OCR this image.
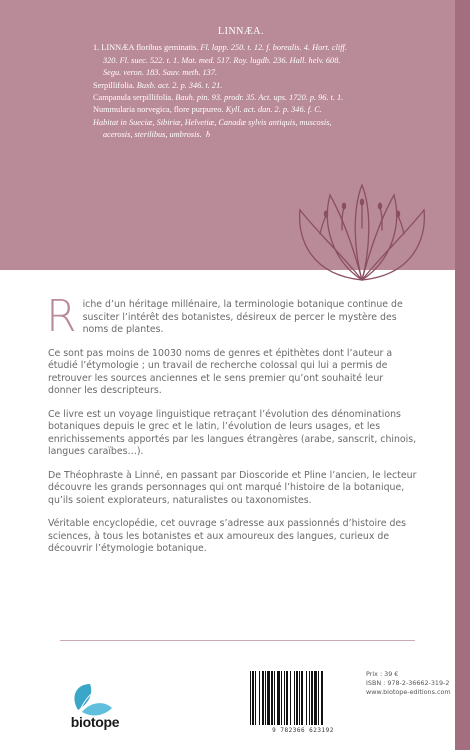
LINNÆA.

1. LINNÆA floribus geminatis. Fl. lapp. 250. t. 12. f. borealis. 4. Hort. cliff. 320. Fl. suec. 522. t. 1. Mat. med. 517. Roy. lugdb. 236. Hall. helv. 608. Segu. veron. 183. Sauv. meth. 137.

Serpillifolia. Buxb. act. 2. p. 346. t. 21.

Campanula serpillifolia. Bauh. pin. 93. prodr. 35. Act. ups. 1720. p. 96. t. 1.

Nummularia norvegica, flore purpureo. Kyll. act. dan. 2. p. 346. f. C.

Habitat in Sueciæ, Sibiriæ, Helvetiæ, Canadæ sylvis antiquis, muscosis, acerosis, sterilibus, umbrosis. ♄

Riche d’un héritage millénaire, la terminologie botanique continue de susciter l’intérêt des botanistes, désireux de percer le mystère des noms de plantes.

Ce sont pas moins de 10030 noms de genres et épithètes dont l’auteur a étudié l’étymologie ; un travail de recherche colossal qui lui a permis de retrouver les sources anciennes et le sens premier qu’ont souhaité leur donner les descripteurs.

Ce livre est un voyage linguistique retraçant l’évolution des dénominations botaniques depuis le grec et le latin, l’évolution de leurs usages, et les enrichissements apportés par les langues étrangères (arabe, sanscrit, chinois, langues caraïbes…).

De Théophraste à Linné, en passant par Dioscoride et Pline l’ancien, le lecteur découvre les grands personnages qui ont marqué l’histoire de la botanique, qu’ils soient explorateurs, naturalistes ou taxonomistes.

Véritable encyclopédie, cet ouvrage s’adresse aux passionnés d’histoire des sciences, à tous les botanistes et aux amoureux des langues, curieux de découvrir l’étymologie botanique.

biotope
9 782366 623192
Prix : 39 €
ISBN : 978-2-36662-319-2
www.biotope-editions.com
